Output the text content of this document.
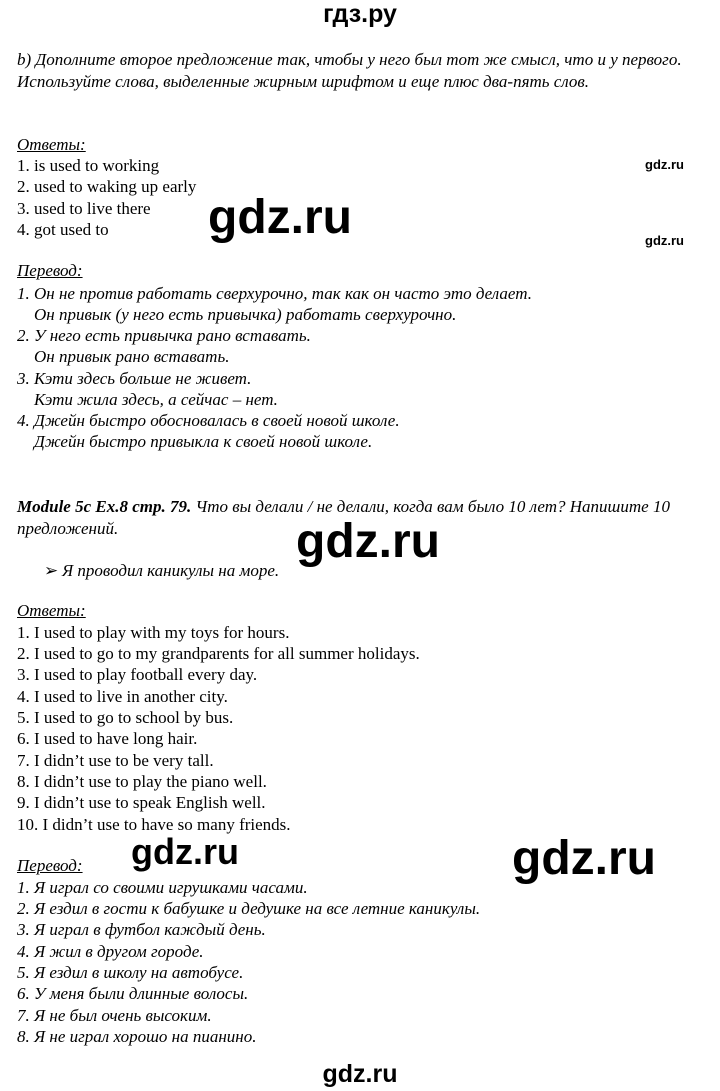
гдз.ру
b) Дополните второе предложение так, чтобы у него был тот же смысл, что и у первого. Используйте слова, выделенные жирным шрифтом и еще плюс два-пять слов.
Ответы:
1. is used to working
2. used to waking up early
3. used to live there
4. got used to
gdz.ru
gdz.ru
gdz.ru
Перевод:
1. Он не против работать сверхурочно, так как он часто это делает.
Он привык (у него есть привычка) работать сверхурочно.
2. У него есть привычка рано вставать.
Он привык рано вставать.
3. Кэти здесь больше не живет.
Кэти жила здесь, а сейчас – нет.
4. Джейн быстро обосновалась в своей новой школе.
Джейн быстро привыкла к своей новой школе.
Module 5c Ex.8 стр. 79. Что вы делали / не делали, когда вам было 10 лет? Напишите 10 предложений.	gdz.ru
➢ Я проводил каникулы на море.
Ответы:
1. I used to play with my toys for hours.
2. I used to go to my grandparents for all summer holidays.
3. I used to play football every day.
4. I used to live in another city.
5. I used to go to school by bus.
6. I used to have long hair.
7. I didn’t use to be very tall.
8. I didn’t use to play the piano well.
9. I didn’t use to speak English well.
10. I didn’t use to have so many friends.
gdz.ru	gdz.ru
Перевод:
1. Я играл со своими игрушками часами.
2. Я ездил в гости к бабушке и дедушке на все летние каникулы.
3. Я играл в футбол каждый день.
4. Я жил в другом городе.
5. Я ездил в школу на автобусе.
6. У меня были длинные волосы.
7. Я не был очень высоким.
8. Я не играл хорошо на пианино.
gdz.ru
